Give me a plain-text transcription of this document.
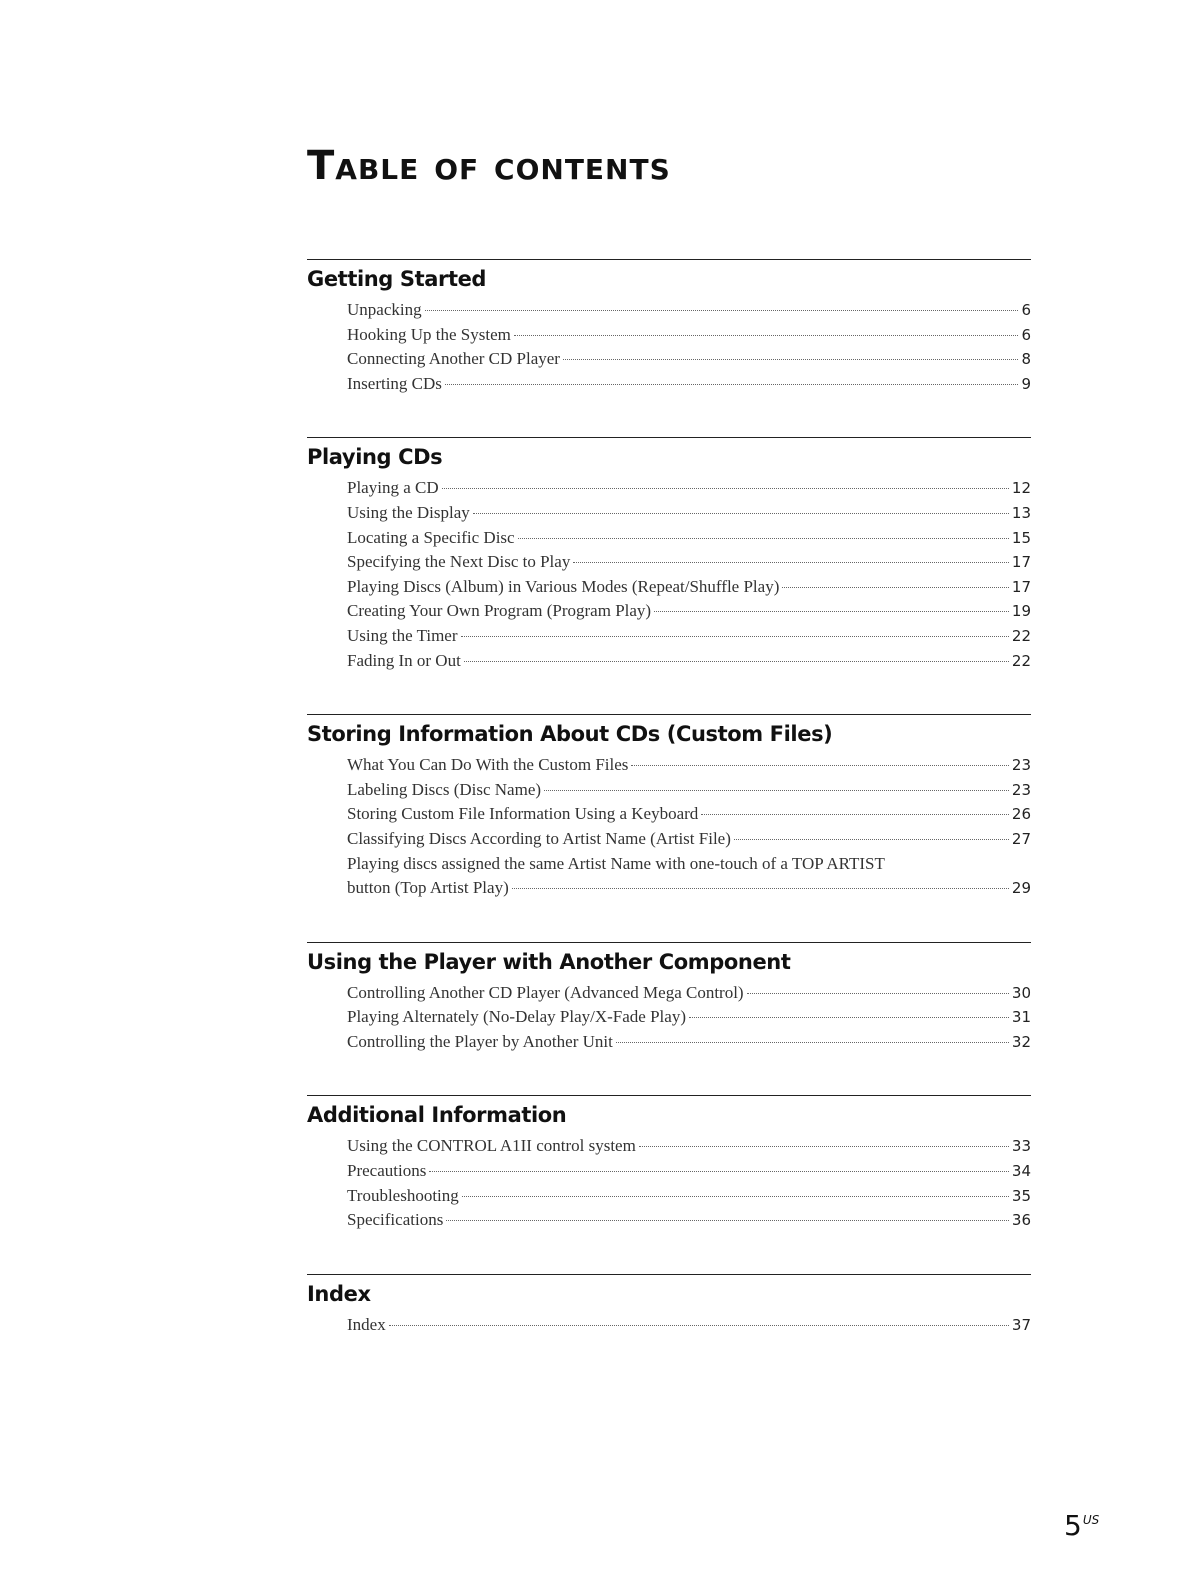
Table of contents
Getting Started
Unpacking	6
Hooking Up the System	6
Connecting Another CD Player	8
Inserting CDs	9
Playing CDs
Playing a CD	12
Using the Display	13
Locating a Specific Disc	15
Specifying the Next Disc to Play	17
Playing Discs (Album) in Various Modes (Repeat/Shuffle Play)	17
Creating Your Own Program (Program Play)	19
Using the Timer	22
Fading In or Out	22
Storing Information About CDs (Custom Files)
What You Can Do With the Custom Files	23
Labeling Discs (Disc Name)	23
Storing Custom File Information Using a Keyboard	26
Classifying Discs According to Artist Name (Artist File)	27
Playing discs assigned the same Artist Name with one-touch of a TOP ARTIST
button (Top Artist Play)	29
Using the Player with Another Component
Controlling Another CD Player (Advanced Mega Control)	30
Playing Alternately (No-Delay Play/X-Fade Play)	31
Controlling the Player by Another Unit	32
Additional Information
Using the CONTROL A1II control system	33
Precautions	34
Troubleshooting	35
Specifications	36
Index
Index	37
$5^{US}$
